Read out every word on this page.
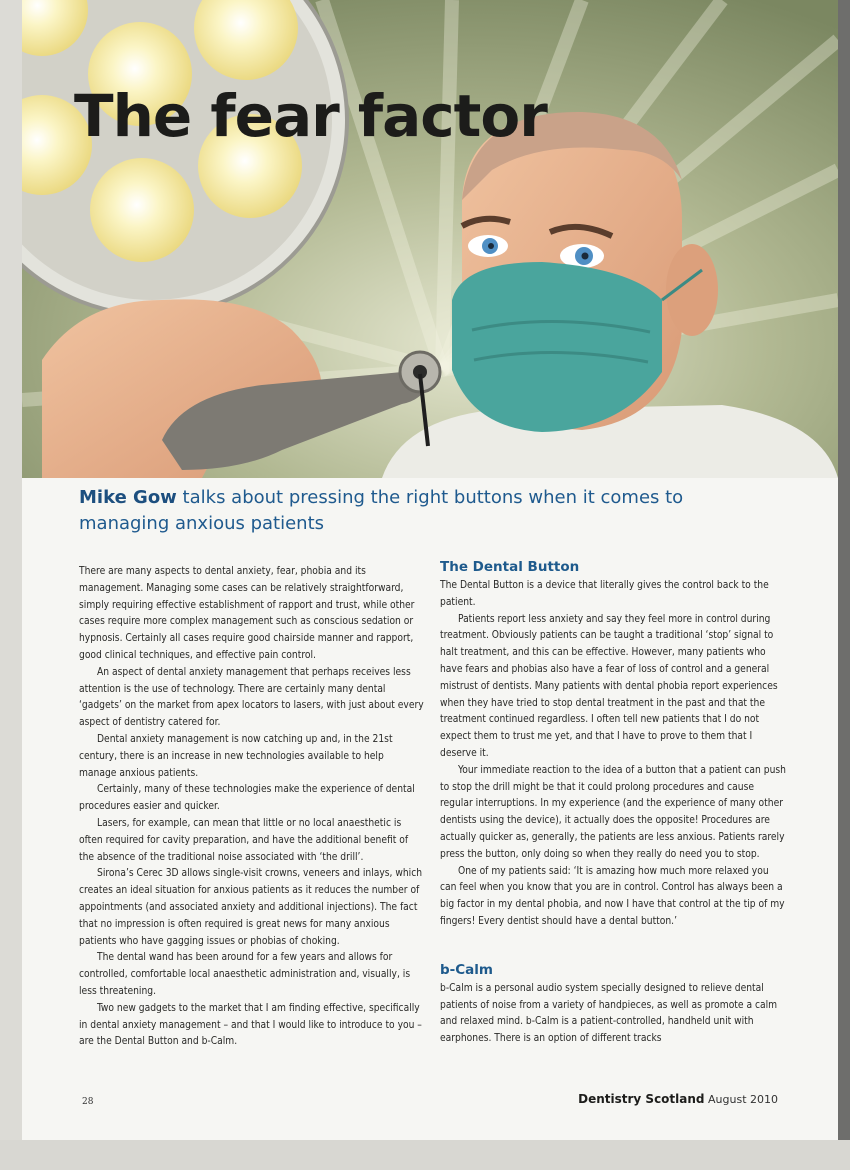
The fear factor

Mike Gow talks about pressing the right buttons when it comes to managing anxious patients

There are many aspects to dental anxiety, fear, phobia and its management. Managing some cases can be relatively straightforward, simply requiring effective establishment of rapport and trust, while other cases require more complex management such as conscious sedation or hypnosis. Certainly all cases require good chairside manner and rapport, good clinical techniques, and effective pain control.

An aspect of dental anxiety management that perhaps receives less attention is the use of technology. There are certainly many dental ‘gadgets’ on the market from apex locators to lasers, with just about every aspect of dentistry catered for.

Dental anxiety management is now catching up and, in the 21st century, there is an increase in new technologies available to help manage anxious patients.

Certainly, many of these technologies make the experience of dental procedures easier and quicker.

Lasers, for example, can mean that little or no local anaesthetic is often required for cavity preparation, and have the additional benefit of the absence of the traditional noise associated with ‘the drill’.

Sirona’s Cerec 3D allows single-visit crowns, veneers and inlays, which creates an ideal situation for anxious patients as it reduces the number of appointments (and associated anxiety and additional injections). The fact that no impression is often required is great news for many anxious patients who have gagging issues or phobias of choking.

The dental wand has been around for a few years and allows for controlled, comfortable local anaesthetic administration and, visually, is less threatening.

Two new gadgets to the market that I am finding effective, specifically in dental anxiety management – and that I would like to introduce to you – are the Dental Button and b-Calm.

The Dental Button

The Dental Button is a device that literally gives the control back to the patient.

Patients report less anxiety and say they feel more in control during treatment. Obviously patients can be taught a traditional ‘stop’ signal to halt treatment, and this can be effective. However, many patients who have fears and phobias also have a fear of loss of control and a general mistrust of dentists. Many patients with dental phobia report experiences when they have tried to stop dental treatment in the past and that the treatment continued regardless. I often tell new patients that I do not expect them to trust me yet, and that I have to prove to them that I deserve it.

Your immediate reaction to the idea of a button that a patient can push to stop the drill might be that it could prolong procedures and cause regular interruptions. In my experience (and the experience of many other dentists using the device), it actually does the opposite! Procedures are actually quicker as, generally, the patients are less anxious. Patients rarely press the button, only doing so when they really do need you to stop.

One of my patients said: ‘It is amazing how much more relaxed you can feel when you know that you are in control. Control has always been a big factor in my dental phobia, and now I have that control at the tip of my fingers! Every dentist should have a dental button.’

b-Calm

b-Calm is a personal audio system specially designed to relieve dental patients of noise from a variety of handpieces, as well as promote a calm and relaxed mind. b-Calm is a patient-controlled, handheld unit with earphones. There is an option of different tracks

28	Dentistry Scotland August 2010
